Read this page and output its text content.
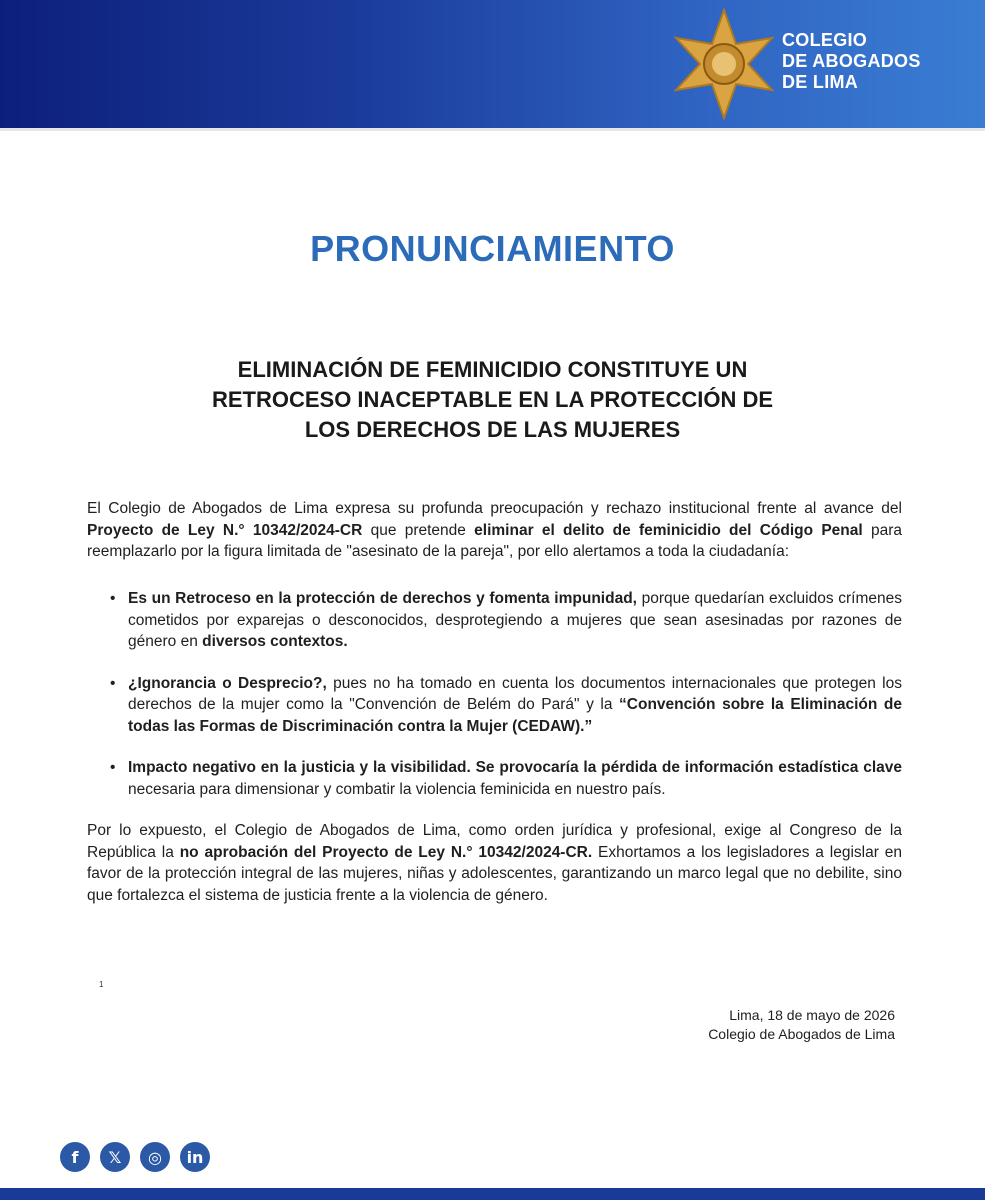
COLEGIO
DE ABOGADOS
DE LIMA
PRONUNCIAMIENTO
ELIMINACIÓN DE FEMINICIDIO CONSTITUYE UN
RETROCESO INACEPTABLE EN LA PROTECCIÓN DE
LOS DERECHOS DE LAS MUJERES
El Colegio de Abogados de Lima expresa su profunda preocupación y rechazo institucional frente al avance del Proyecto de Ley N.° 10342/2024-CR que pretende eliminar el delito de feminicidio del Código Penal para reemplazarlo por la figura limitada de "asesinato de la pareja", por ello alertamos a toda la ciudadanía:
• Es un Retroceso en la protección de derechos y fomenta impunidad, porque quedarían excluidos crímenes cometidos por exparejas o desconocidos, desprotegiendo a mujeres que sean asesinadas por razones de género en diversos contextos.
• ¿Ignorancia o Desprecio?, pues no ha tomado en cuenta los documentos internacionales que protegen los derechos de la mujer como la "Convención de Belém do Pará" y la “Convención sobre la Eliminación de todas las Formas de Discriminación contra la Mujer (CEDAW).”
• Impacto negativo en la justicia y la visibilidad. Se provocaría la pérdida de información estadística clave necesaria para dimensionar y combatir la violencia feminicida en nuestro país.
Por lo expuesto, el Colegio de Abogados de Lima, como orden jurídica y profesional, exige al Congreso de la República la no aprobación del Proyecto de Ley N.° 10342/2024-CR. Exhortamos a los legisladores a legislar en favor de la protección integral de las mujeres, niñas y adolescentes, garantizando un marco legal que no debilite, sino que fortalezca el sistema de justicia frente a la violencia de género.
1
Lima, 18 de mayo de 2026
Colegio de Abogados de Lima
f	𝕏	◎	in
